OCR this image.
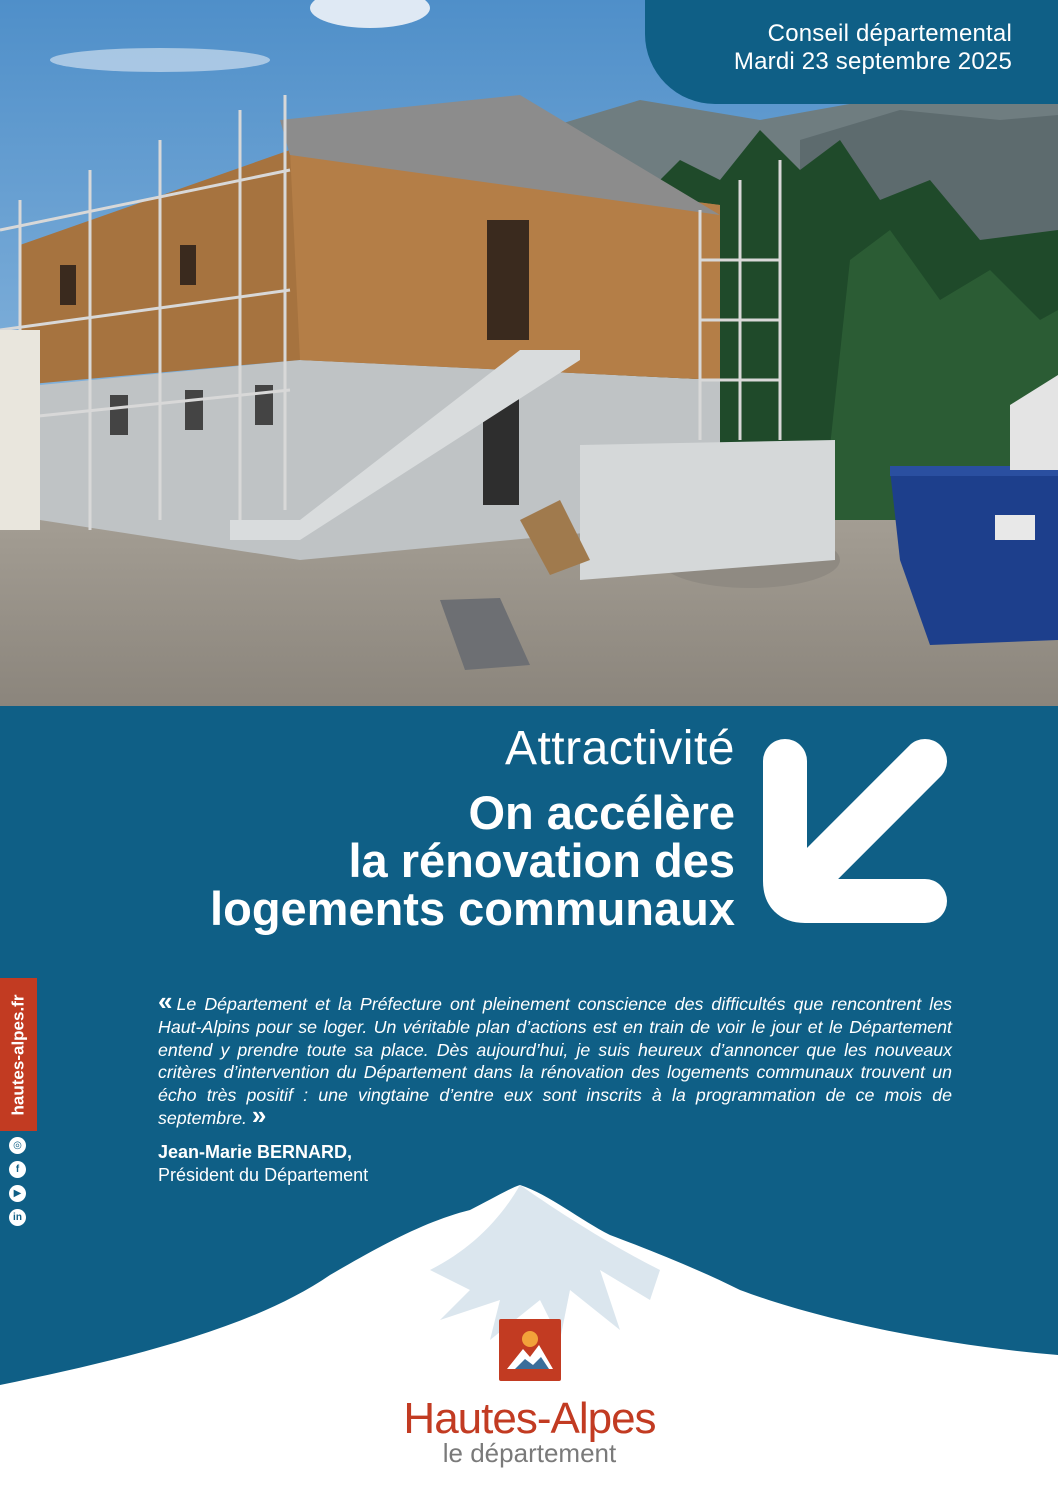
Conseil départemental
Mardi 23 septembre 2025
Attractivité
On accélère
la rénovation des
logements communaux
hautes-alpes.fr
◎
f
▶
in
« Le Département et la Préfecture ont pleinement conscience des difficultés que rencontrent les Haut-Alpins pour se loger. Un véritable plan d’actions est en train de voir le jour et le Département entend y prendre toute sa place. Dès aujourd’hui, je suis heureux d’annoncer que les nouveaux critères d’intervention du Département dans la rénovation des logements communaux trouvent un écho très positif : une vingtaine d’entre eux sont inscrits à la programmation de ce mois de septembre. »
Jean-Marie BERNARD,
Président du Département
Hautes-Alpes
le département
